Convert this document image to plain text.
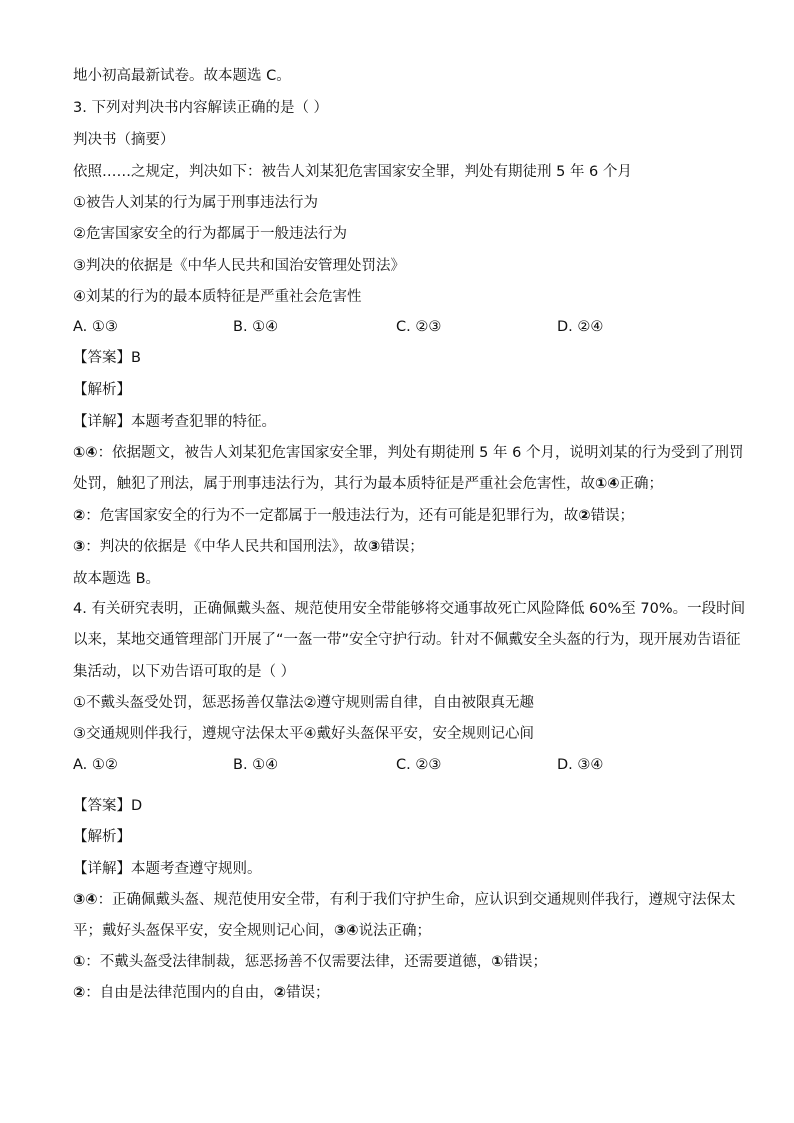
地小初高最新试卷。故本题选 C。
3. 下列对判决书内容解读正确的是（ ）
判决书（摘要）
依照……之规定，判决如下：被告人刘某犯危害国家安全罪，判处有期徒刑 5 年 6 个月
①被告人刘某的行为属于刑事违法行为
②危害国家安全的行为都属于一般违法行为
③判决的依据是《中华人民共和国治安管理处罚法》
④刘某的行为的最本质特征是严重社会危害性
A. ①③	B. ①④	C. ②③	D. ②④
【答案】B
【解析】
【详解】本题考查犯罪的特征。
①④：依据题文，被告人刘某犯危害国家安全罪，判处有期徒刑 5 年 6 个月，说明刘某的行为受到了刑罚
处罚，触犯了刑法，属于刑事违法行为，其行为最本质特征是严重社会危害性，故①④正确；
②：危害国家安全的行为不一定都属于一般违法行为，还有可能是犯罪行为，故②错误；
③：判决的依据是《中华人民共和国刑法》，故③错误；
故本题选 B。
4. 有关研究表明，正确佩戴头盔、规范使用安全带能够将交通事故死亡风险降低 60%至 70%。一段时间
以来，某地交通管理部门开展了“一盔一带”安全守护行动。针对不佩戴安全头盔的行为，现开展劝告语征
集活动，以下劝告语可取的是（ ）
①不戴头盔受处罚，惩恶扬善仅靠法②遵守规则需自律，自由被限真无趣
③交通规则伴我行，遵规守法保太平④戴好头盔保平安，安全规则记心间
A. ①②	B. ①④	C. ②③	D. ③④
【答案】D
【解析】
【详解】本题考查遵守规则。
③④：正确佩戴头盔、规范使用安全带，有利于我们守护生命，应认识到交通规则伴我行，遵规守法保太
平；戴好头盔保平安，安全规则记心间，③④说法正确；
①：不戴头盔受法律制裁，惩恶扬善不仅需要法律，还需要道德，①错误；
②：自由是法律范围内的自由，②错误；
